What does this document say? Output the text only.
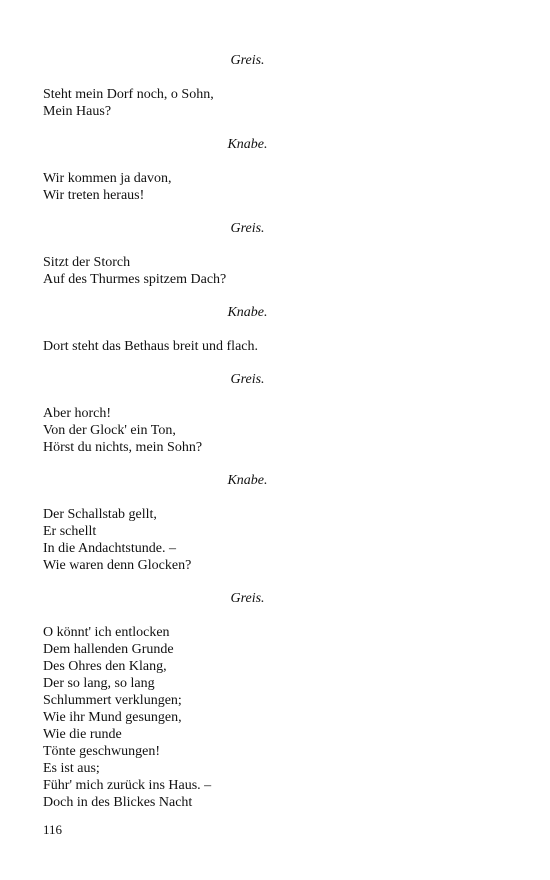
Greis.
Steht mein Dorf noch, o Sohn,
Mein Haus?
Knabe.
Wir kommen ja davon,
Wir treten heraus!
Greis.
Sitzt der Storch
Auf des Thurmes spitzem Dach?
Knabe.
Dort steht das Bethaus breit und flach.
Greis.
Aber horch!
Von der Glock' ein Ton,
Hörst du nichts, mein Sohn?
Knabe.
Der Schallstab gellt,
Er schellt
In die Andachtstunde. –
Wie waren denn Glocken?
Greis.
O könnt' ich entlocken
Dem hallenden Grunde
Des Ohres den Klang,
Der so lang, so lang
Schlummert verklungen;
Wie ihr Mund gesungen,
Wie die runde
Tönte geschwungen!
Es ist aus;
Führ' mich zurück ins Haus. –
Doch in des Blickes Nacht
116
